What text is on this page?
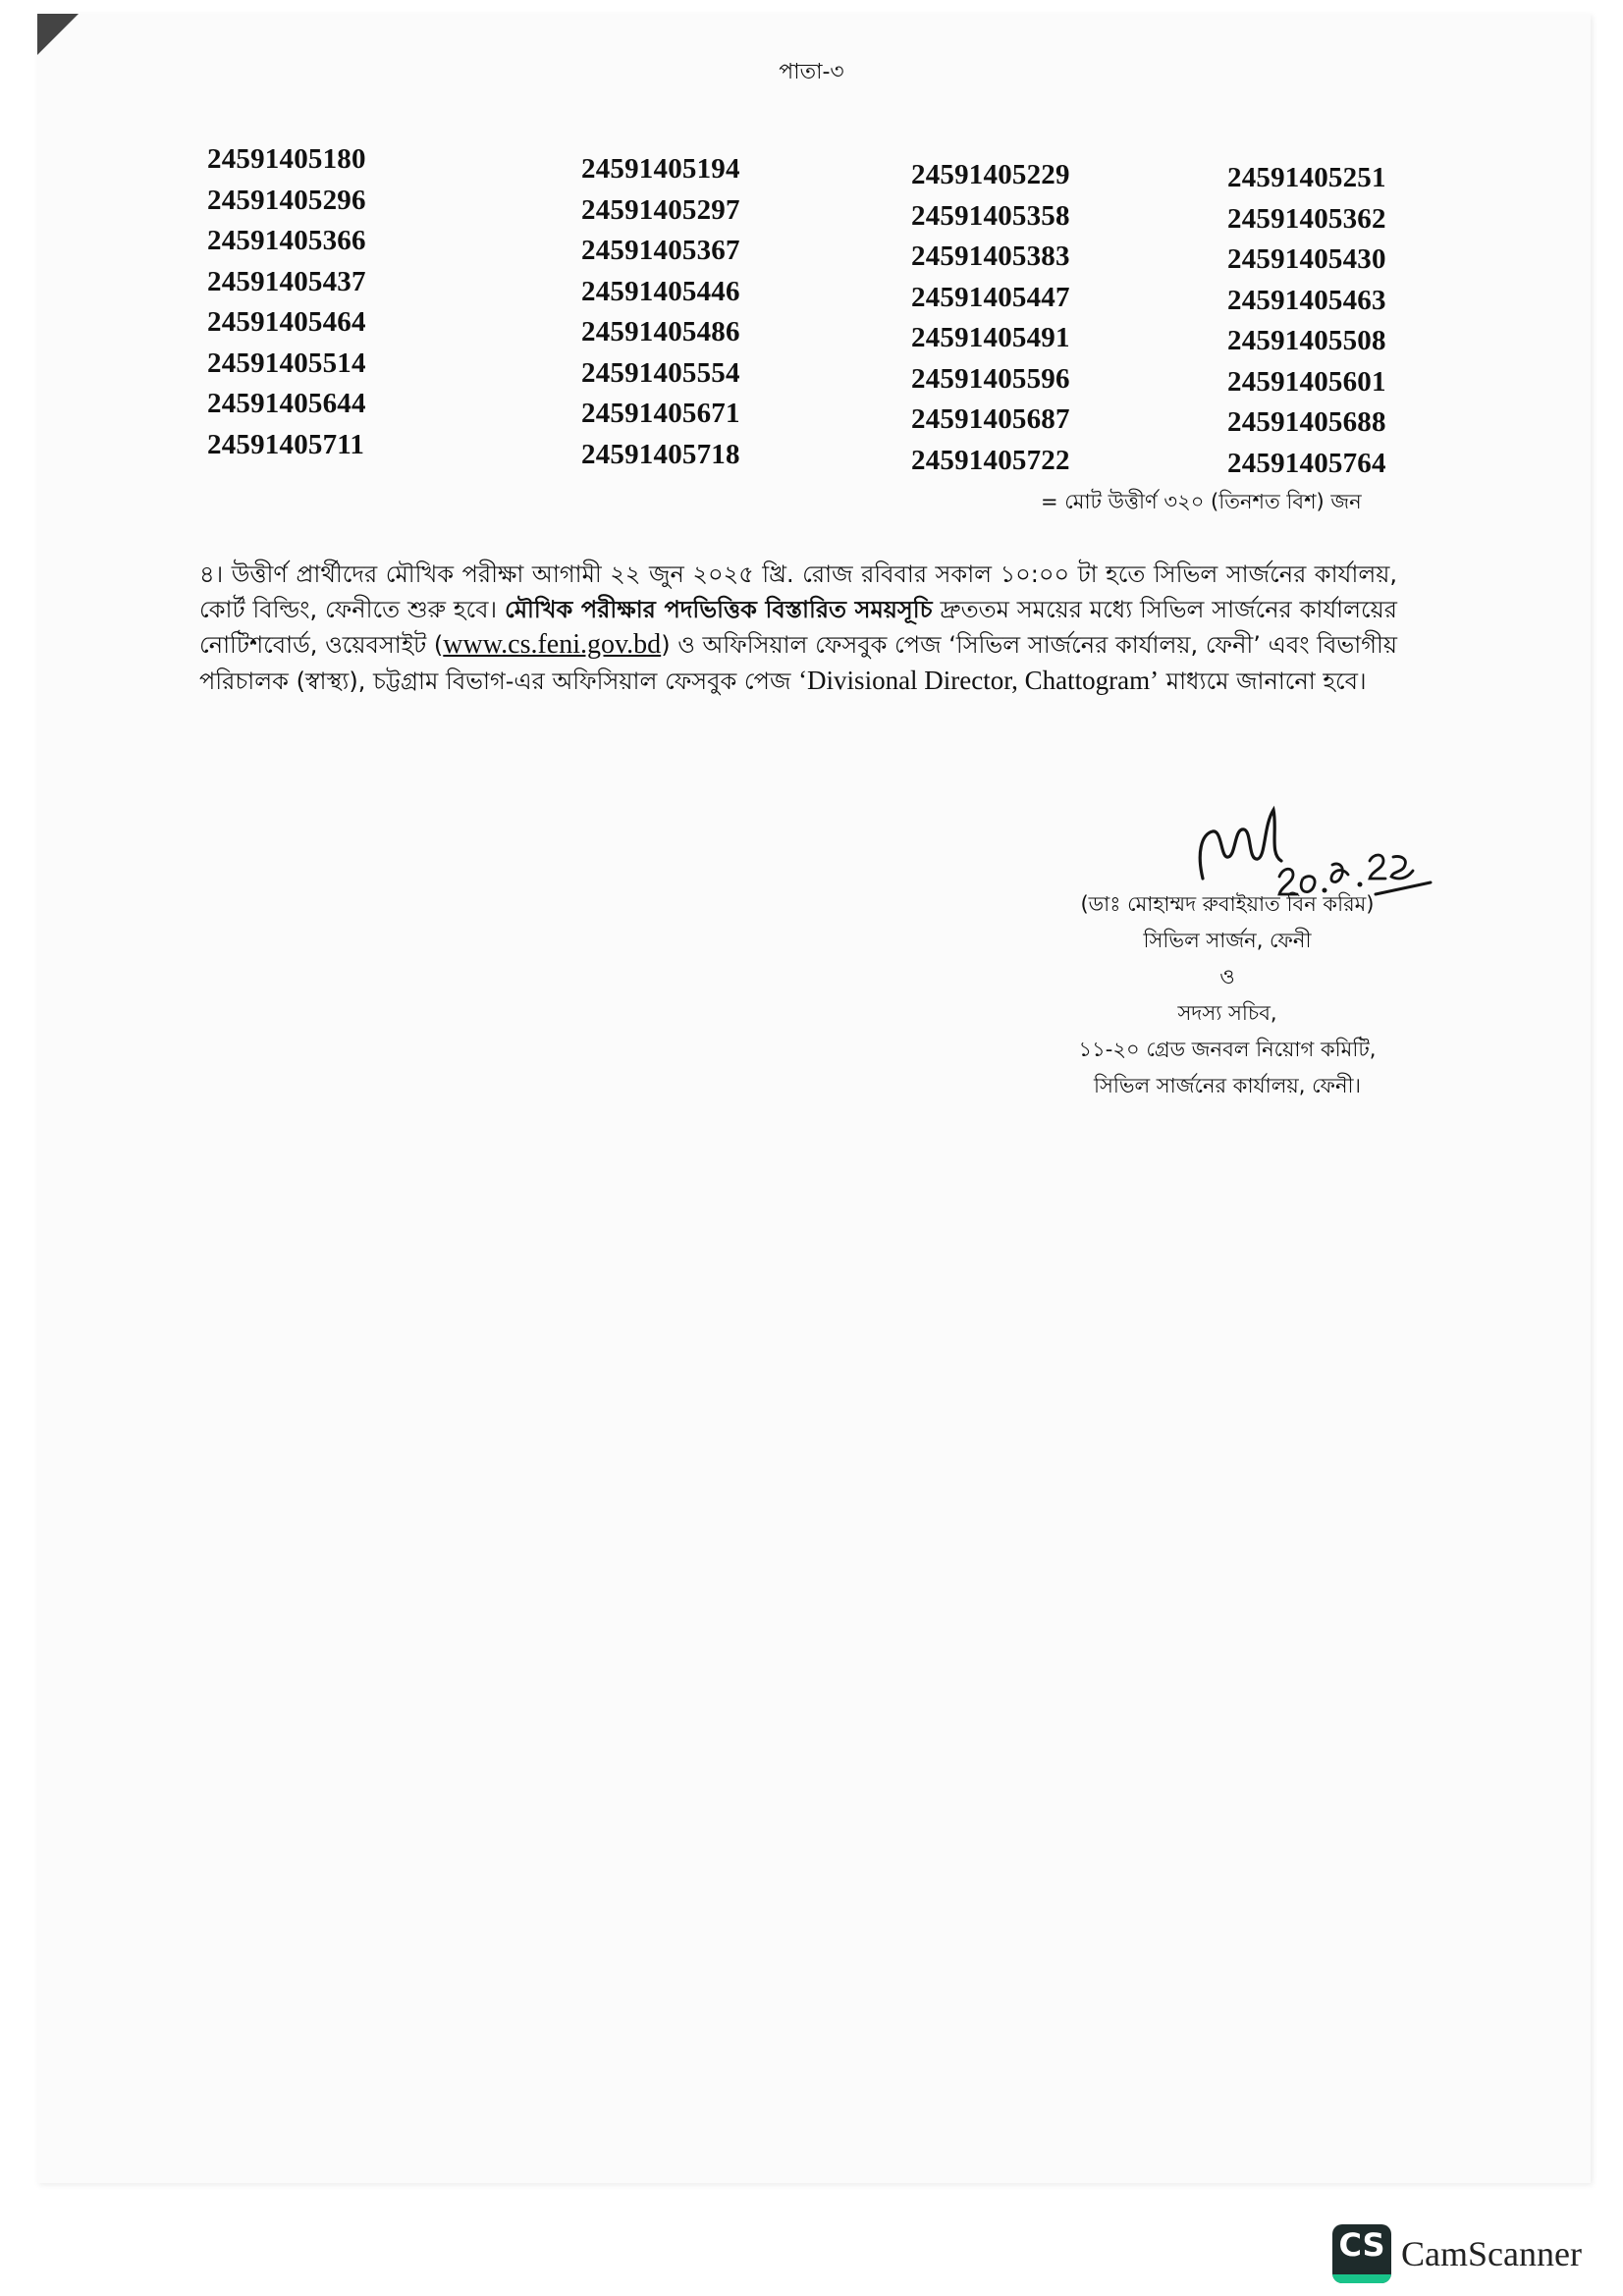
পাতা-৩
24591405180
24591405296
24591405366
24591405437
24591405464
24591405514
24591405644
24591405711
24591405194
24591405297
24591405367
24591405446
24591405486
24591405554
24591405671
24591405718
24591405229
24591405358
24591405383
24591405447
24591405491
24591405596
24591405687
24591405722
24591405251
24591405362
24591405430
24591405463
24591405508
24591405601
24591405688
24591405764
= মোট উত্তীর্ণ ৩২০ (তিনশত বিশ) জন
৪। উত্তীর্ণ প্রার্থীদের মৌখিক পরীক্ষা আগামী ২২ জুন ২০২৫ খ্রি. রোজ রবিবার সকাল ১০:০০ টা হতে সিভিল সার্জনের কার্যালয়, কোর্ট বিল্ডিং, ফেনীতে শুরু হবে। মৌখিক পরীক্ষার পদভিত্তিক বিস্তারিত সময়সূচি দ্রুততম সময়ের মধ্যে সিভিল সার্জনের কার্যালয়ের নোটিশবোর্ড, ওয়েবসাইট (www.cs.feni.gov.bd) ও অফিসিয়াল ফেসবুক পেজ ‘সিভিল সার্জনের কার্যালয়, ফেনী’ এবং বিভাগীয় পরিচালক (স্বাস্থ্য), চট্টগ্রাম বিভাগ-এর অফিসিয়াল ফেসবুক পেজ ‘Divisional Director, Chattogram’ মাধ্যমে জানানো হবে।
(ডাঃ মোহাম্মদ রুবাইয়াত বিন করিম)
সিভিল সার্জন, ফেনী
ও
সদস্য সচিব,
১১-২০ গ্রেড জনবল নিয়োগ কমিটি,
সিভিল সার্জনের কার্যালয়, ফেনী।
CS CamScanner
